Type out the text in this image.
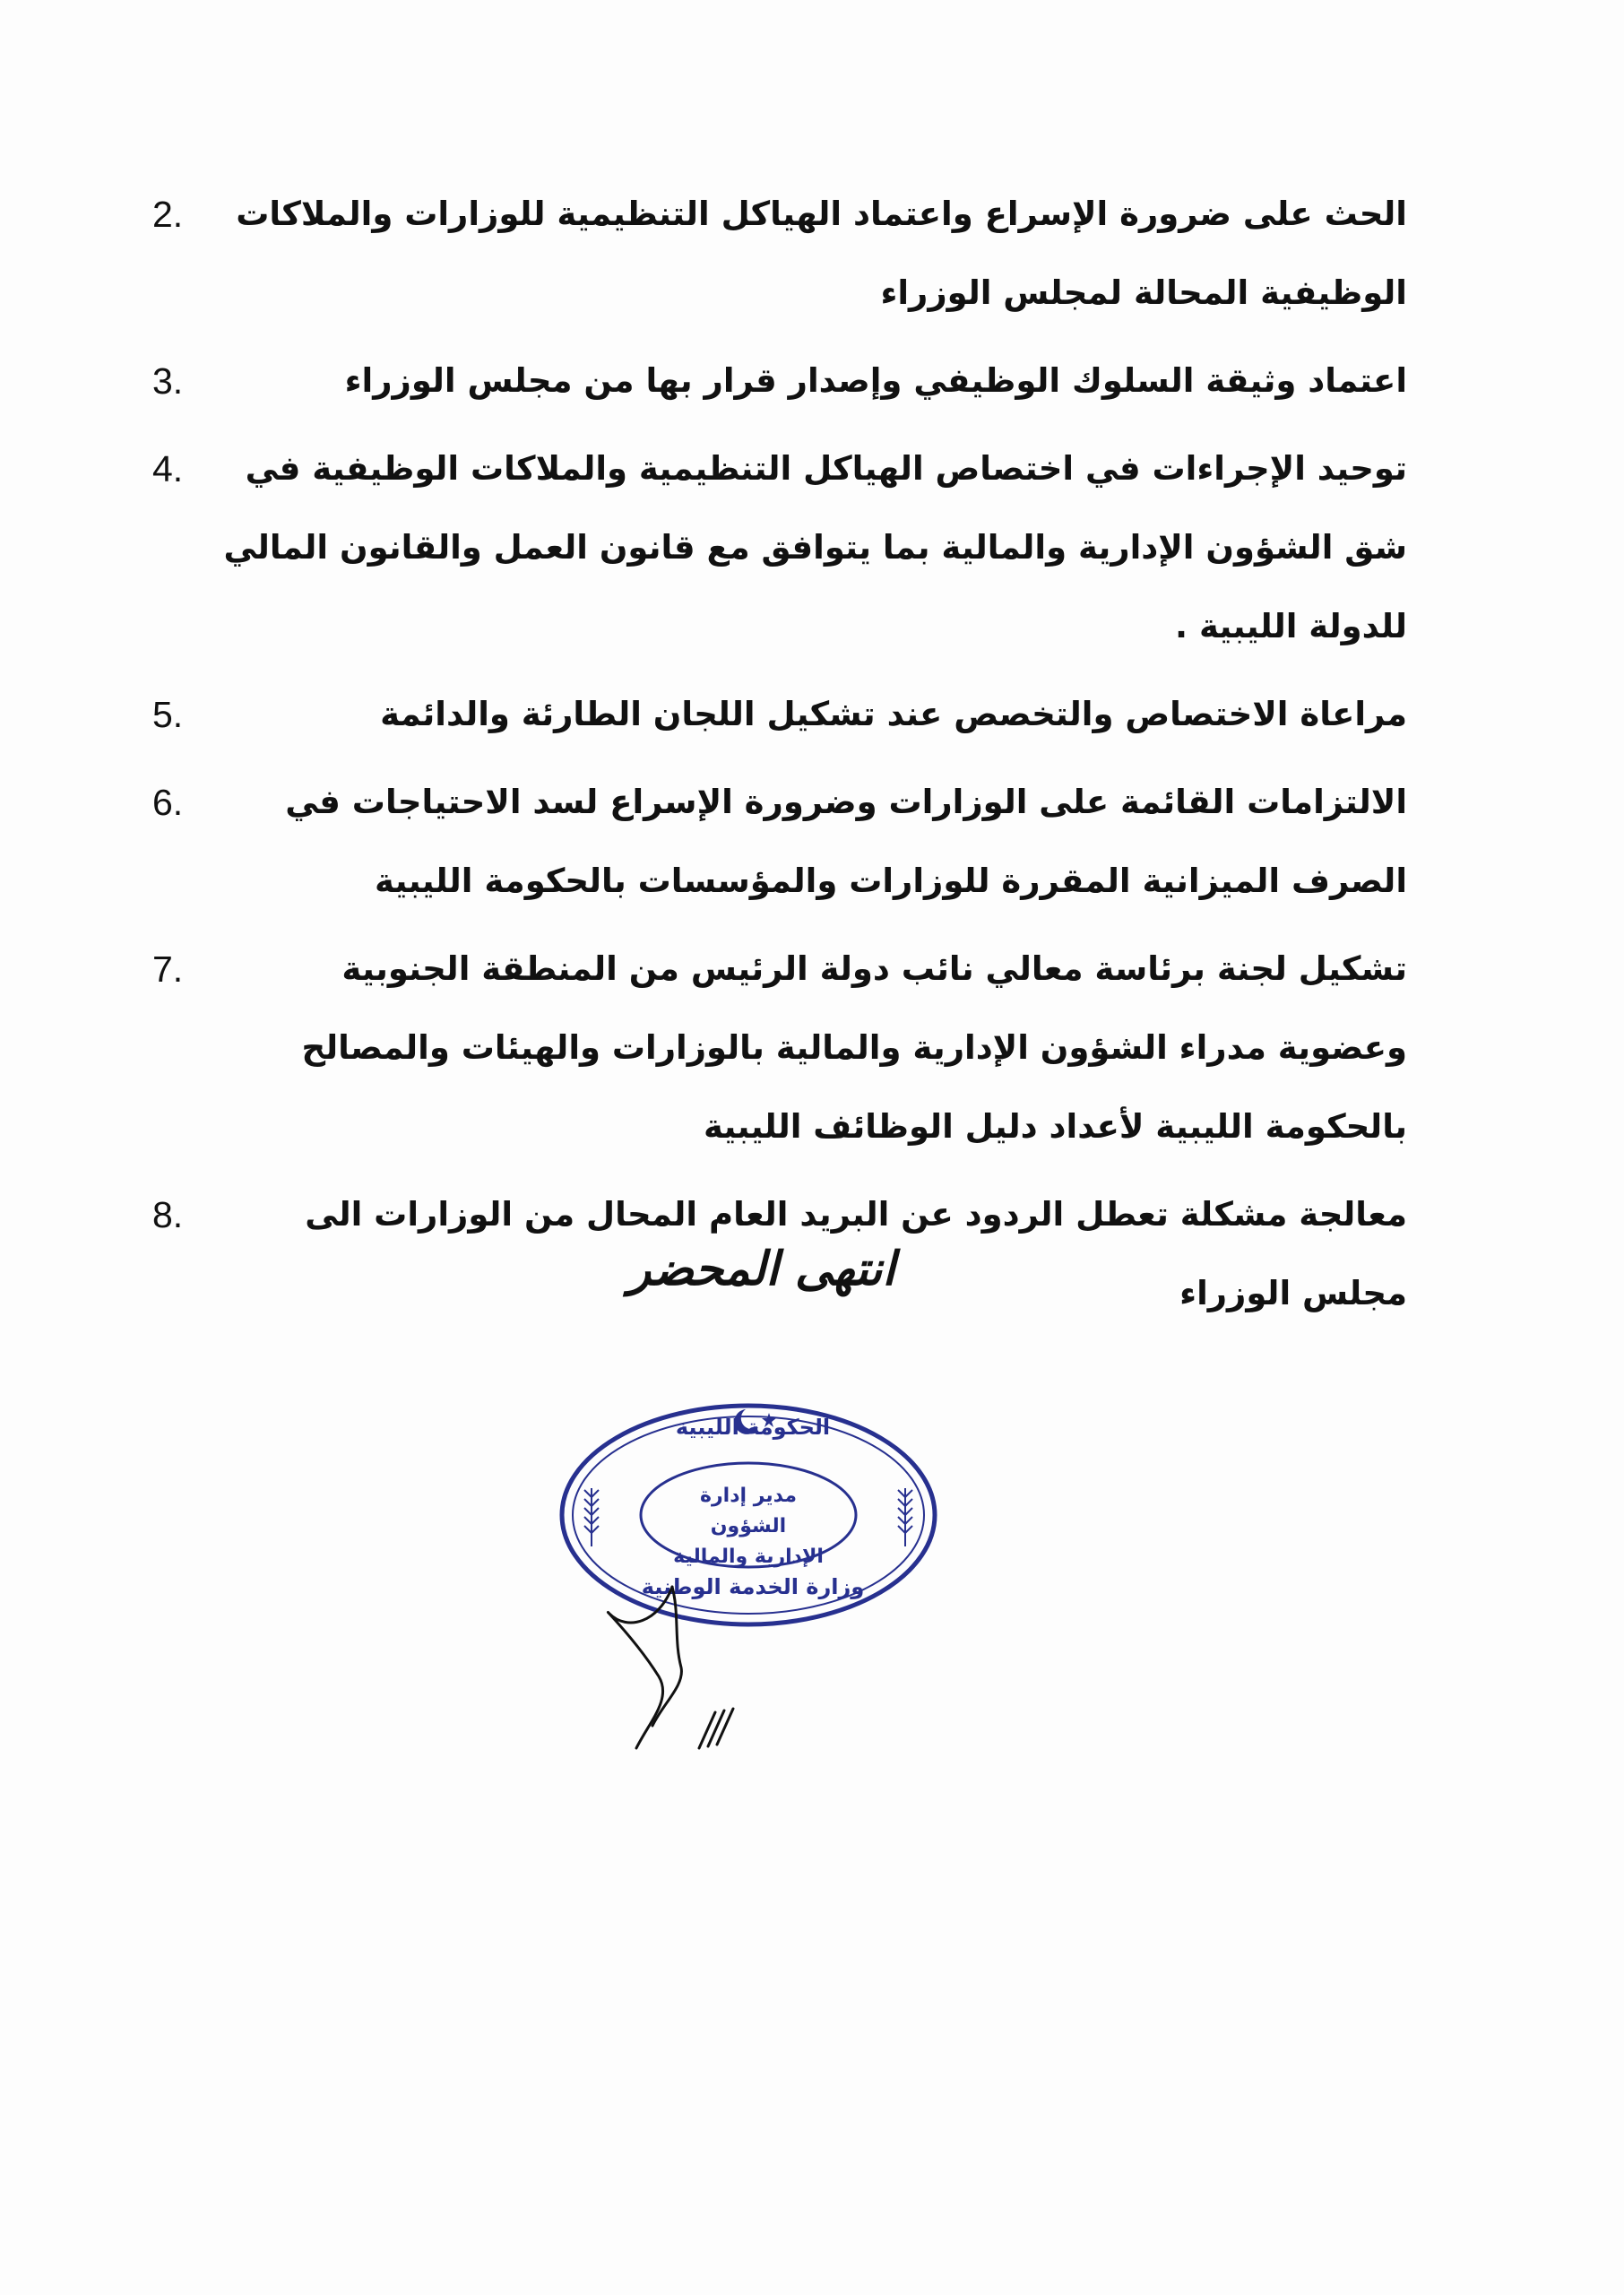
الحث على ضرورة الإسراع واعتماد الهياكل التنظيمية للوزارات والملاكات الوظيفية المحالة لمجلس الوزراء
2.
اعتماد وثيقة السلوك الوظيفي وإصدار قرار بها من مجلس الوزراء
3.
توحيد الإجراءات في اختصاص الهياكل التنظيمية والملاكات الوظيفية في شق الشؤون الإدارية والمالية بما يتوافق مع قانون العمل والقانون المالي للدولة الليبية .
4.
مراعاة الاختصاص والتخصص عند تشكيل اللجان الطارئة والدائمة
5.
الالتزامات القائمة على الوزارات وضرورة الإسراع لسد الاحتياجات في الصرف الميزانية المقررة للوزارات والمؤسسات بالحكومة الليبية
6.
تشكيل لجنة برئاسة معالي نائب دولة الرئيس من المنطقة الجنوبية وعضوية مدراء الشؤون الإدارية والمالية بالوزارات والهيئات والمصالح بالحكومة الليبية لأعداد دليل الوظائف الليبية
7.
معالجة مشكلة تعطل الردود عن البريد العام المحال من الوزارات الى مجلس الوزراء
8.
انتهى المحضر
الحكومة الليبية
مدير إدارة الشؤون
الإدارية والمالية
وزارة الخدمة الوطنية
